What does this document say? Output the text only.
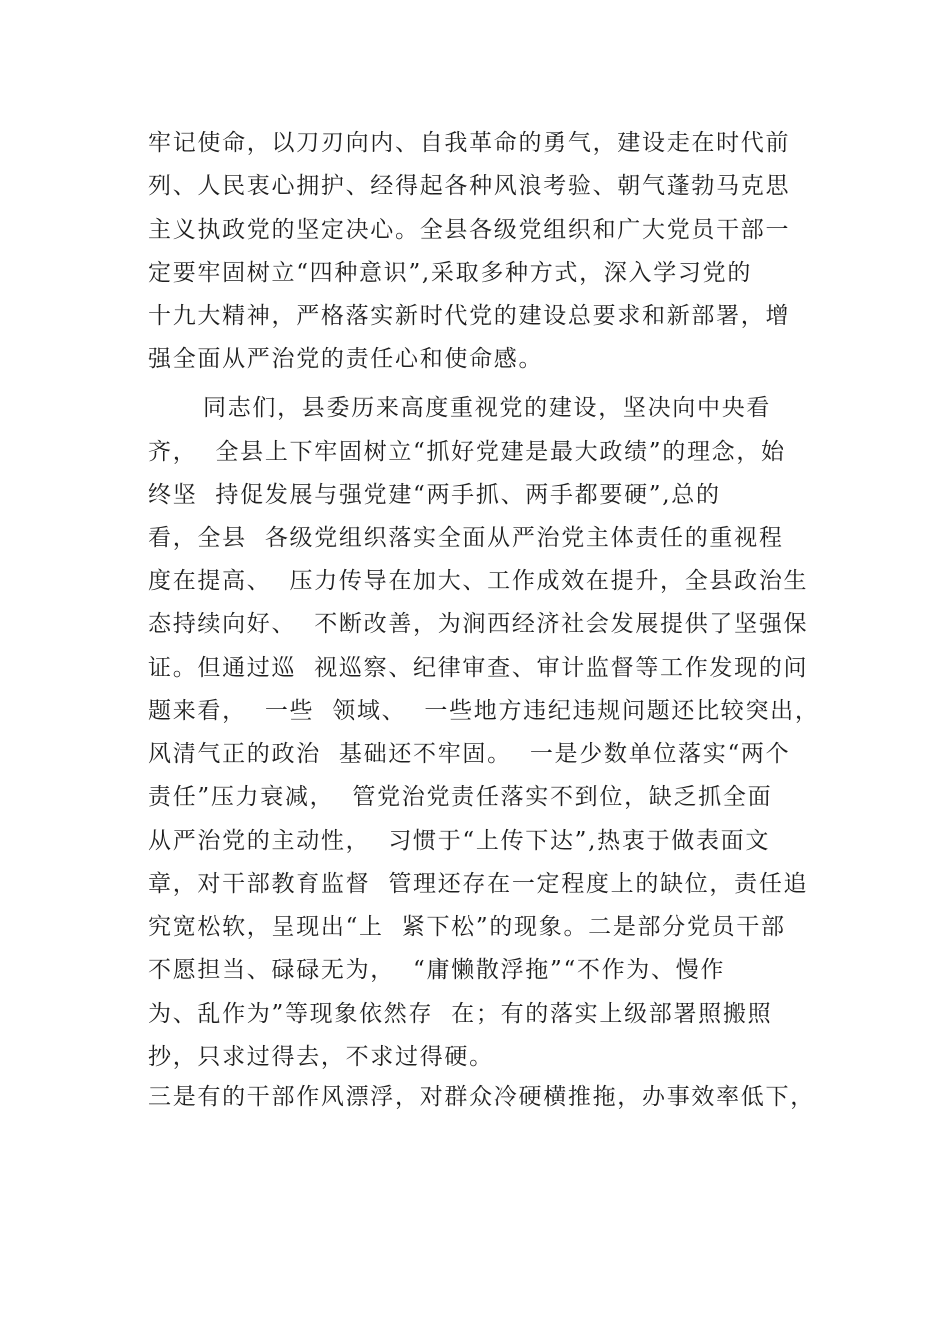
牢记使命，以刀刃向内、自我革命的勇气，建设走在时代前
列、人民衷心拥护、经得起各种风浪考验、朝气蓬勃马克思
主义执政党的坚定决心。全县各级党组织和广大党员干部一
定要牢固树立“四种意识”,采取多种方式，深入学习党的
十九大精神，严格落实新时代党的建设总要求和新部署，增
强全面从严治党的责任心和使命感。
同志们，县委历来高度重视党的建设，坚决向中央看
齐，  全县上下牢固树立“抓好党建是最大政绩”的理念，始
终坚  持促发展与强党建“两手抓、两手都要硬”,总的
看，全县  各级党组织落实全面从严治党主体责任的重视程
度在提高、  压力传导在加大、工作成效在提升，全县政治生
态持续向好、  不断改善，为涧西经济社会发展提供了坚强保
证。但通过巡  视巡察、纪律审查、审计监督等工作发现的问
题来看，  一些  领域、  一些地方违纪违规问题还比较突出，
风清气正的政治  基础还不牢固。  一是少数单位落实“两个
责任”压力衰减，  管党治党责任落实不到位，缺乏抓全面
从严治党的主动性，  习惯于“上传下达”,热衷于做表面文
章，对干部教育监督  管理还存在一定程度上的缺位，责任追
究宽松软，呈现出“上  紧下松”的现象。二是部分党员干部
不愿担当、碌碌无为，  “庸懒散浮拖”“不作为、慢作
为、乱作为”等现象依然存  在；有的落实上级部署照搬照
抄，只求过得去，不求过得硬。
三是有的干部作风漂浮，对群众冷硬横推拖，办事效率低下，
